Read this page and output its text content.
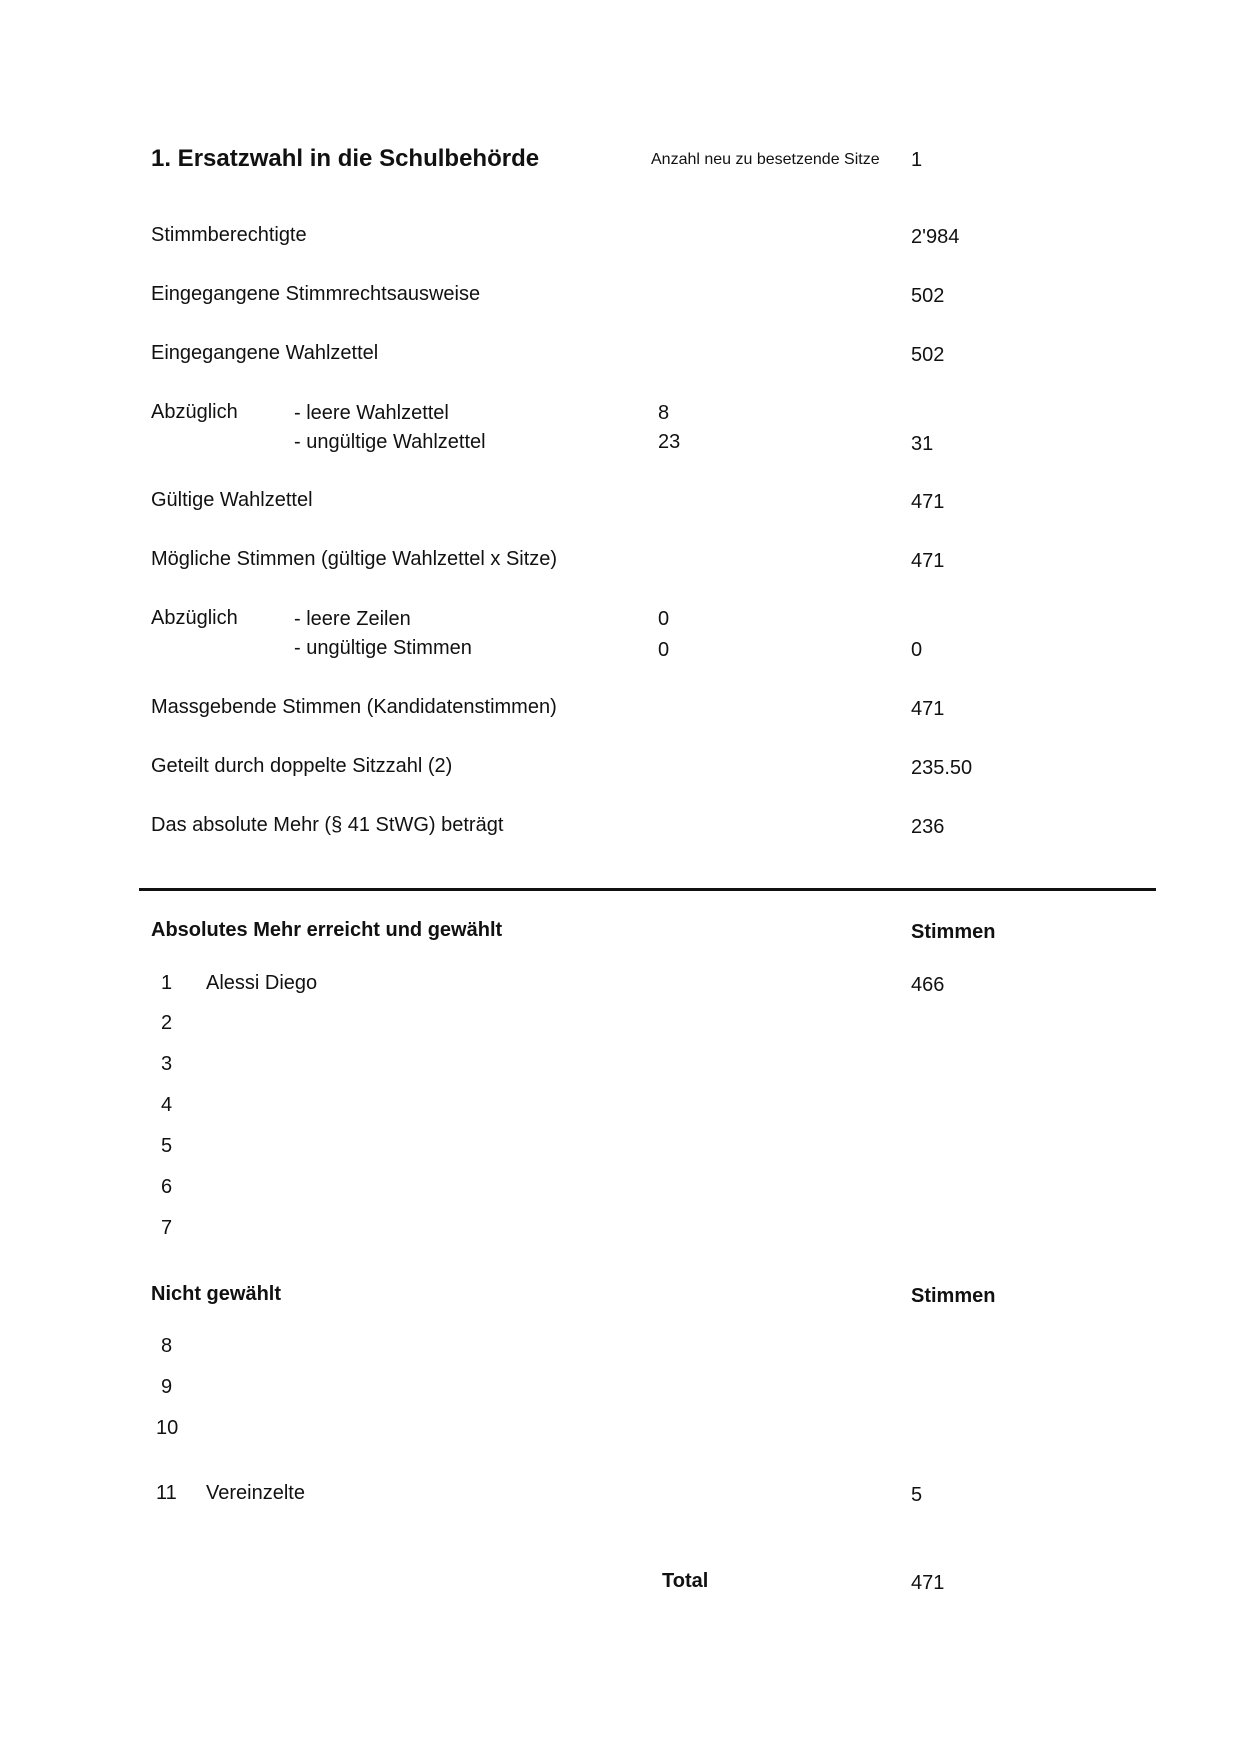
1. Ersatzwahl in die Schulbehörde	Anzahl neu zu besetzende Sitze 1
Stimmberechtigte	2'984
Eingegangene Stimmrechtsausweise	502
Eingegangene Wahlzettel	502
Abzüglich	- leere Wahlzettel	8
- ungültige Wahlzettel	23	31
Gültige Wahlzettel	471
Mögliche Stimmen (gültige Wahlzettel x Sitze)	471
Abzüglich	- leere Zeilen	0
- ungültige Stimmen	0	0
Massgebende Stimmen (Kandidatenstimmen)	471
Geteilt durch doppelte Sitzzahl (2)	235.50
Das absolute Mehr (§ 41 StWG) beträgt	236
Absolutes Mehr erreicht und gewählt	Stimmen
1 Alessi Diego	466
2
3
4
5
6
7
Nicht gewählt	Stimmen
8
9
10
11 Vereinzelte	5
Total	471
